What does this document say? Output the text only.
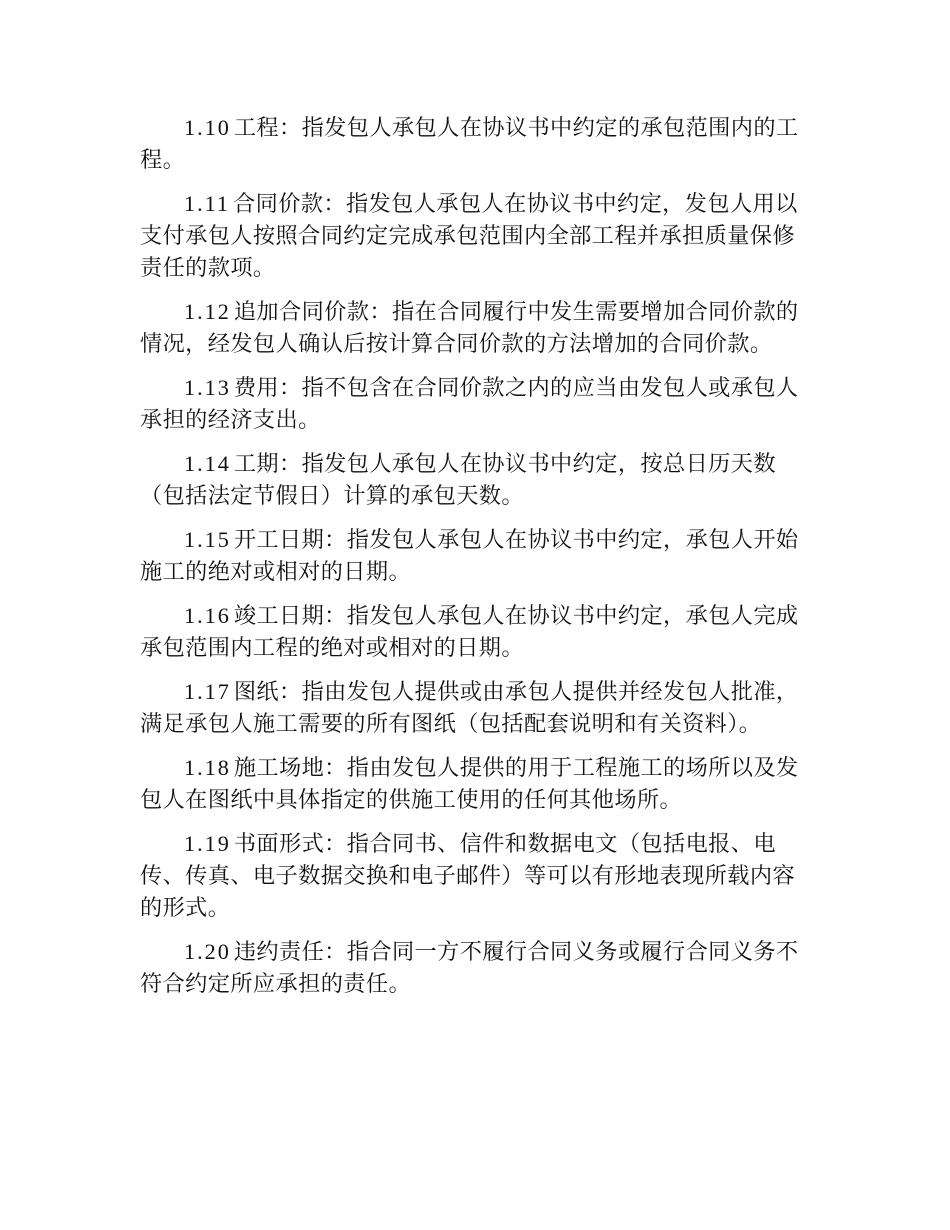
1.10 工程：指发包人承包人在协议书中约定的承包范围内的工程。

1.11 合同价款：指发包人承包人在协议书中约定，发包人用以支付承包人按照合同约定完成承包范围内全部工程并承担质量保修责任的款项。

1.12 追加合同价款：指在合同履行中发生需要增加合同价款的情况，经发包人确认后按计算合同价款的方法增加的合同价款。

1.13 费用：指不包含在合同价款之内的应当由发包人或承包人承担的经济支出。

1.14 工期：指发包人承包人在协议书中约定，按总日历天数（包括法定节假日）计算的承包天数。

1.15 开工日期：指发包人承包人在协议书中约定，承包人开始施工的绝对或相对的日期。

1.16 竣工日期：指发包人承包人在协议书中约定，承包人完成承包范围内工程的绝对或相对的日期。

1.17 图纸：指由发包人提供或由承包人提供并经发包人批准，满足承包人施工需要的所有图纸（包括配套说明和有关资料）。

1.18 施工场地：指由发包人提供的用于工程施工的场所以及发包人在图纸中具体指定的供施工使用的任何其他场所。

1.19 书面形式：指合同书、信件和数据电文（包括电报、电传、传真、电子数据交换和电子邮件）等可以有形地表现所载内容的形式。

1.20 违约责任：指合同一方不履行合同义务或履行合同义务不符合约定所应承担的责任。
